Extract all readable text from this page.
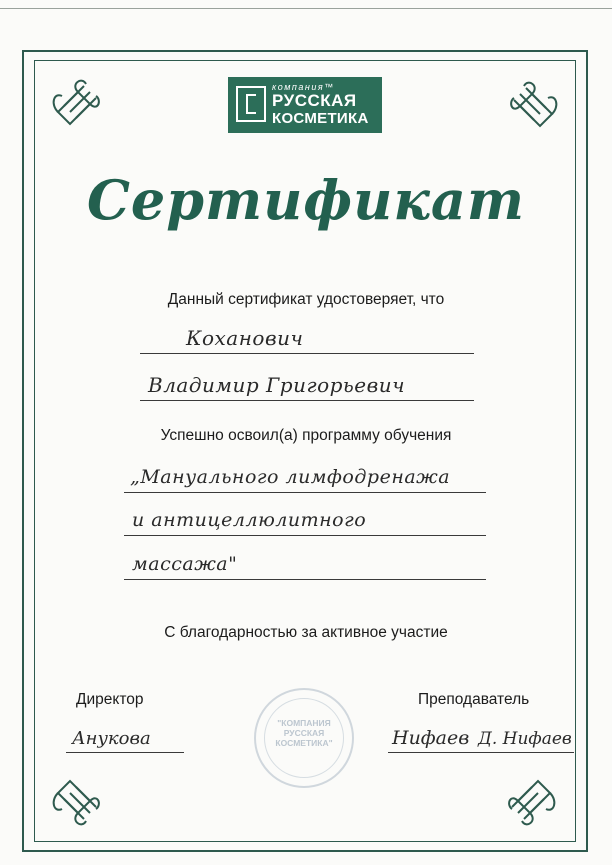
компания™
РУССКАЯ
КОСМЕТИКА
Сертификат
Данный сертификат удостоверяет, что
Коханович
Владимир Григорьевич
Успешно освоил(а) программу обучения
„Мануального лимфодренажа
и антицеллюлитного
массажа"
С благодарностью за активное участие
Директор
Ануковa
"КОМПАНИЯ
РУССКАЯ
КОСМЕТИКА"
Преподаватель
Нифаев Д. Нифаев
